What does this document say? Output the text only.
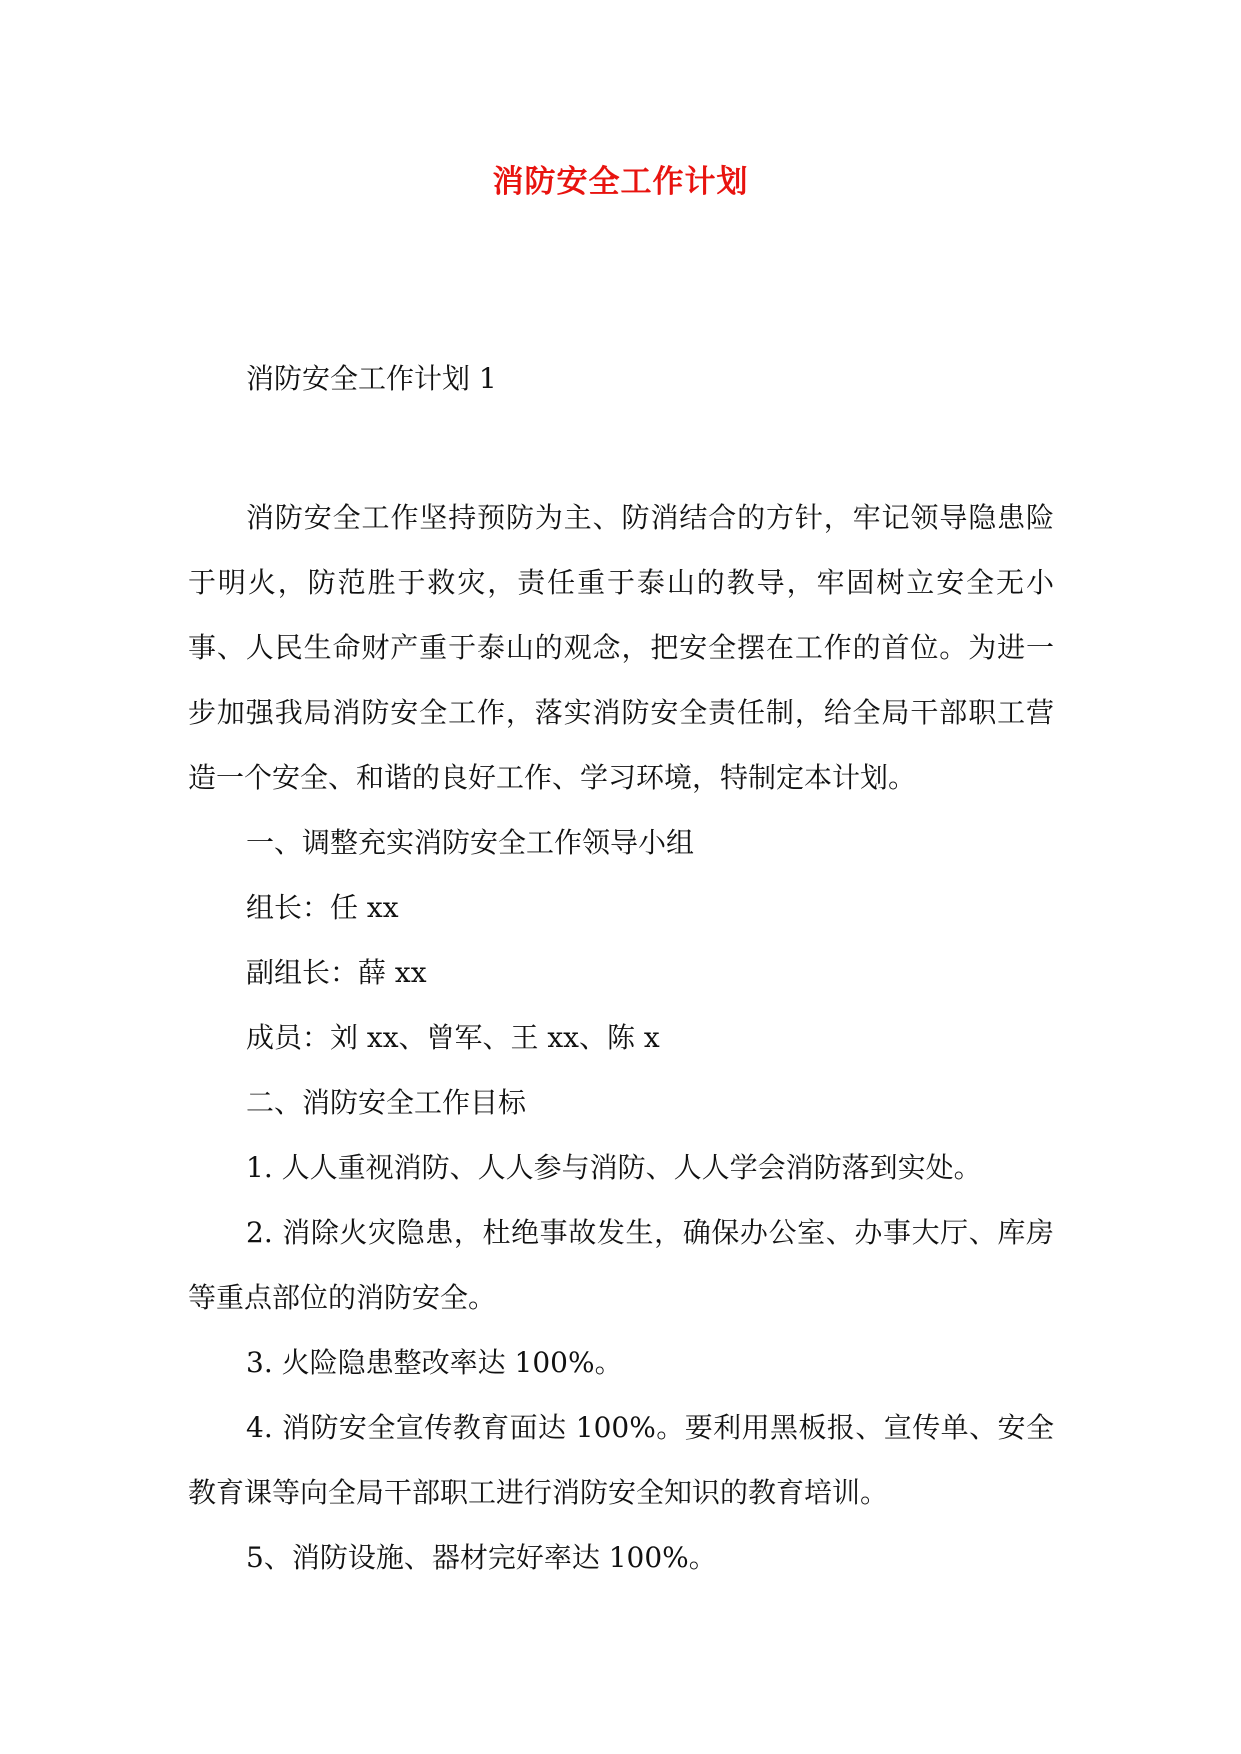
消防安全工作计划
消防安全工作计划 1

消防安全工作坚持预防为主、防消结合的方针，牢记领导隐患险于明火，防范胜于救灾，责任重于泰山的教导，牢固树立安全无小事、人民生命财产重于泰山的观念，把安全摆在工作的首位。为进一步加强我局消防安全工作，落实消防安全责任制，给全局干部职工营造一个安全、和谐的良好工作、学习环境，特制定本计划。

一、调整充实消防安全工作领导小组

组长：任 xx

副组长：薛 xx

成员：刘 xx、曾军、王 xx、陈 x

二、消防安全工作目标

1. 人人重视消防、人人参与消防、人人学会消防落到实处。

2. 消除火灾隐患，杜绝事故发生，确保办公室、办事大厅、库房等重点部位的消防安全。

3. 火险隐患整改率达 100%。

4. 消防安全宣传教育面达 100%。要利用黑板报、宣传单、安全教育课等向全局干部职工进行消防安全知识的教育培训。

5、消防设施、器材完好率达 100%。
